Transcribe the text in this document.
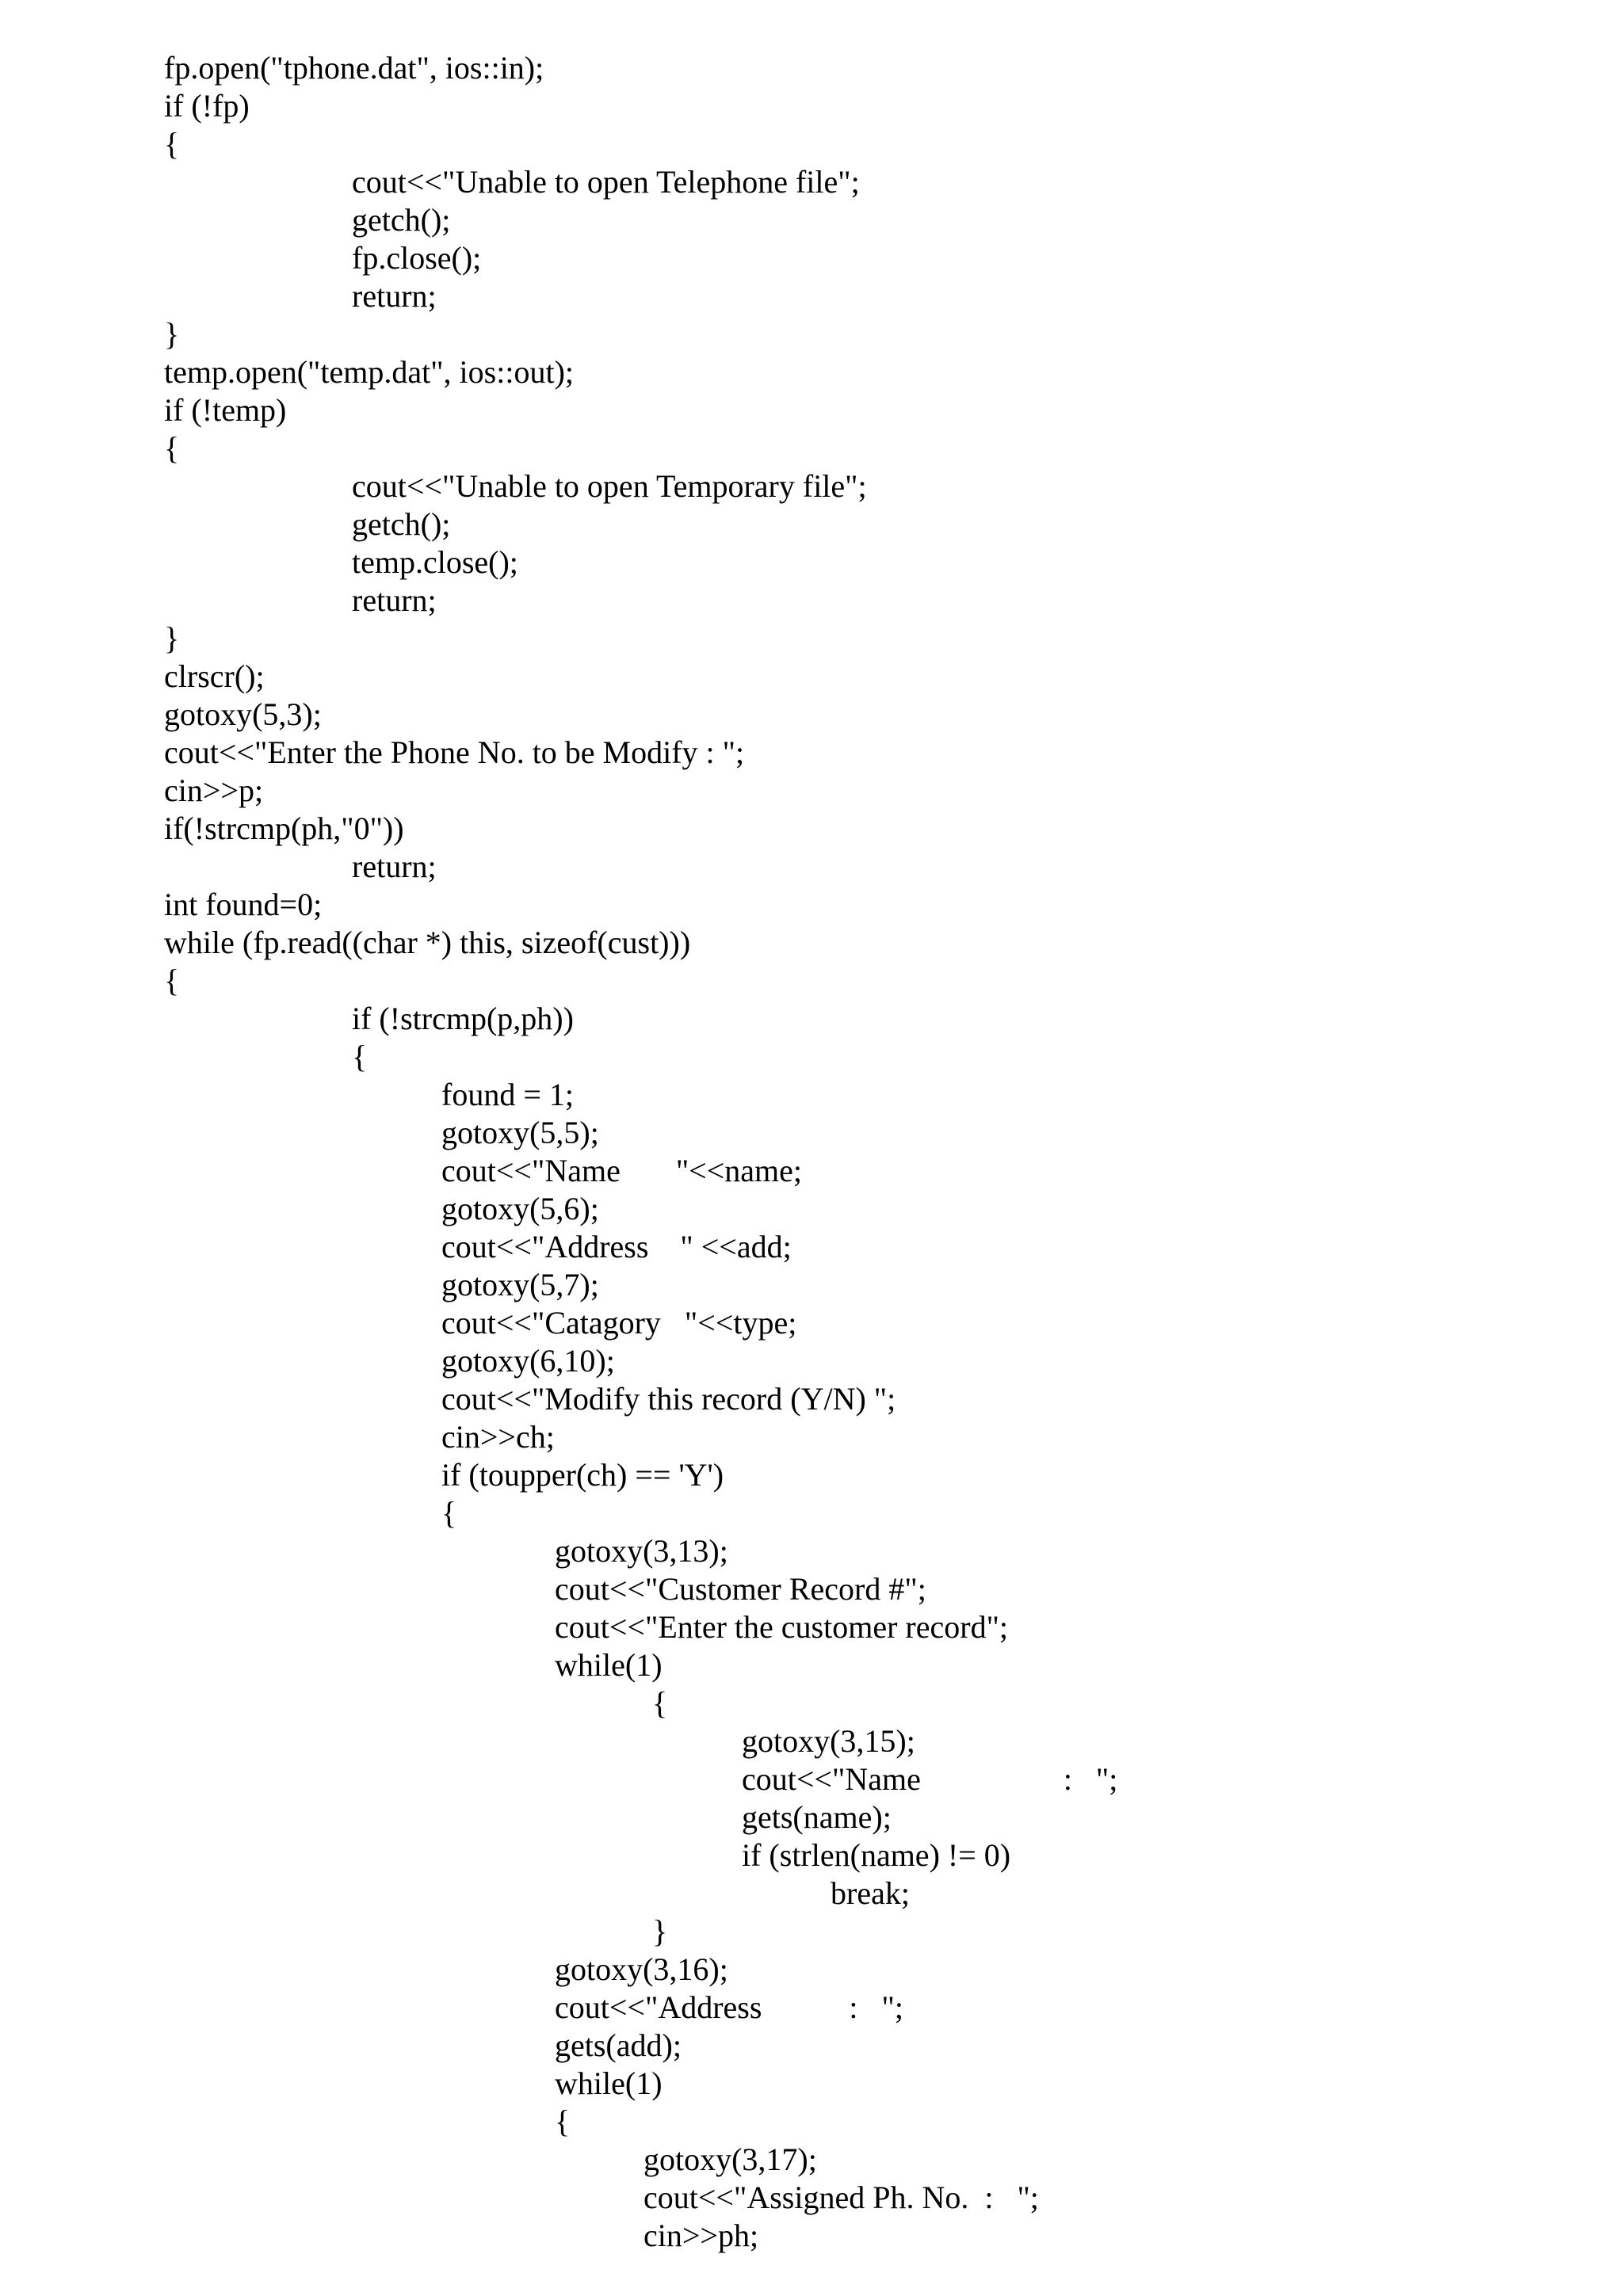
fp.open("tphone.dat", ios::in);
if (!fp)
{
cout<<"Unable to open Telephone file";
getch();
fp.close();
return;
}
temp.open("temp.dat", ios::out);
if (!temp)
{
cout<<"Unable to open Temporary file";
getch();
temp.close();
return;
}
clrscr();
gotoxy(5,3);
cout<<"Enter the Phone No. to be Modify : ";
cin>>p;
if(!strcmp(ph,"0"))
return;
int found=0;
while (fp.read((char *) this, sizeof(cust)))
{
if (!strcmp(p,ph))
{
found = 1;
gotoxy(5,5);
cout<<"Name       "<<name;
gotoxy(5,6);
cout<<"Address    " <<add;
gotoxy(5,7);
cout<<"Catagory   "<<type;
gotoxy(6,10);
cout<<"Modify this record (Y/N) ";
cin>>ch;
if (toupper(ch) == 'Y')
{
gotoxy(3,13);
cout<<"Customer Record #";
cout<<"Enter the customer record";
while(1)
{
gotoxy(3,15);
cout<<"Name                  :   ";
gets(name);
if (strlen(name) != 0)
break;
}
gotoxy(3,16);
cout<<"Address           :   ";
gets(add);
while(1)
{
gotoxy(3,17);
cout<<"Assigned Ph. No.  :   ";
cin>>ph;
